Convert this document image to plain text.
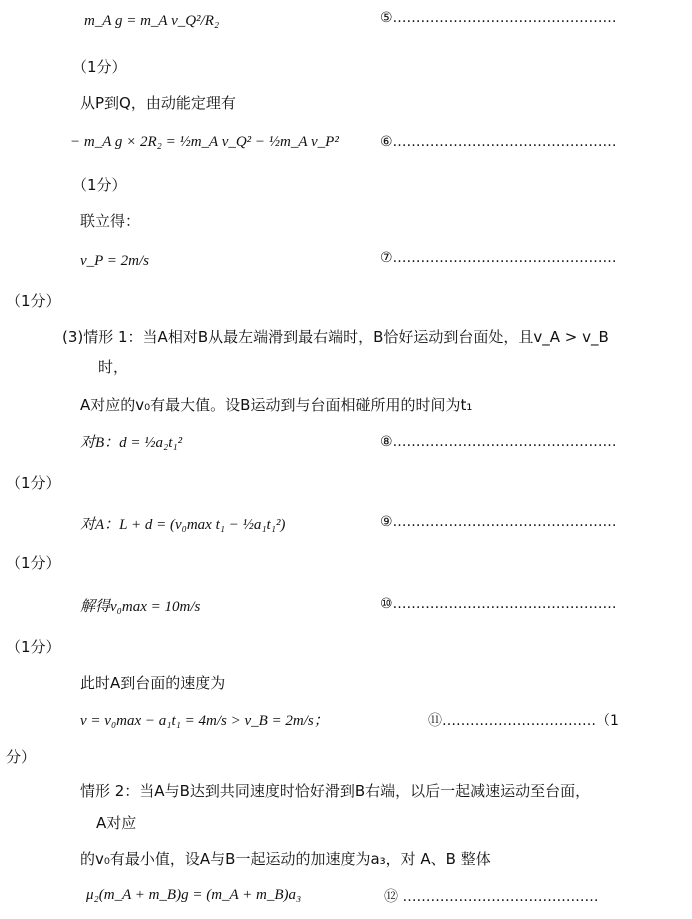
m_A g = m_A v_Q²/R₂	⑤…………………………………………
（1分）
从P到Q，由动能定理有
− m_A g × 2R₂ = ½m_A v_Q² − ½m_A v_P²	⑥…………………………………………
（1分）
联立得：
v_P = 2m/s	⑦…………………………………………
（1分）
(3)情形 1：当A相对B从最左端滑到最右端时，B恰好运动到台面处，且v_A > v_B
时，
A对应的v₀有最大值。设B运动到与台面相碰所用的时间为t₁
对B：d = ½a₂t₁²	⑧…………………………………………
（1分）
对A：L + d = (v₀max t₁ − ½a₁t₁²)	⑨…………………………………………
（1分）
解得v₀max = 10m/s	⑩…………………………………………
（1分）
此时A到台面的速度为
v = v₀max − a₁t₁ = 4m/s > v_B = 2m/s；	⑪……………………………（1
分）
情形 2：当A与B达到共同速度时恰好滑到B右端，以后一起减速运动至台面，
A对应
的v₀有最小值，设A与B一起运动的加速度为a₃，对 A、B 整体
μ₂(m_A + m_B)g = (m_A + m_B)a₃	⑫ ……………………………………
